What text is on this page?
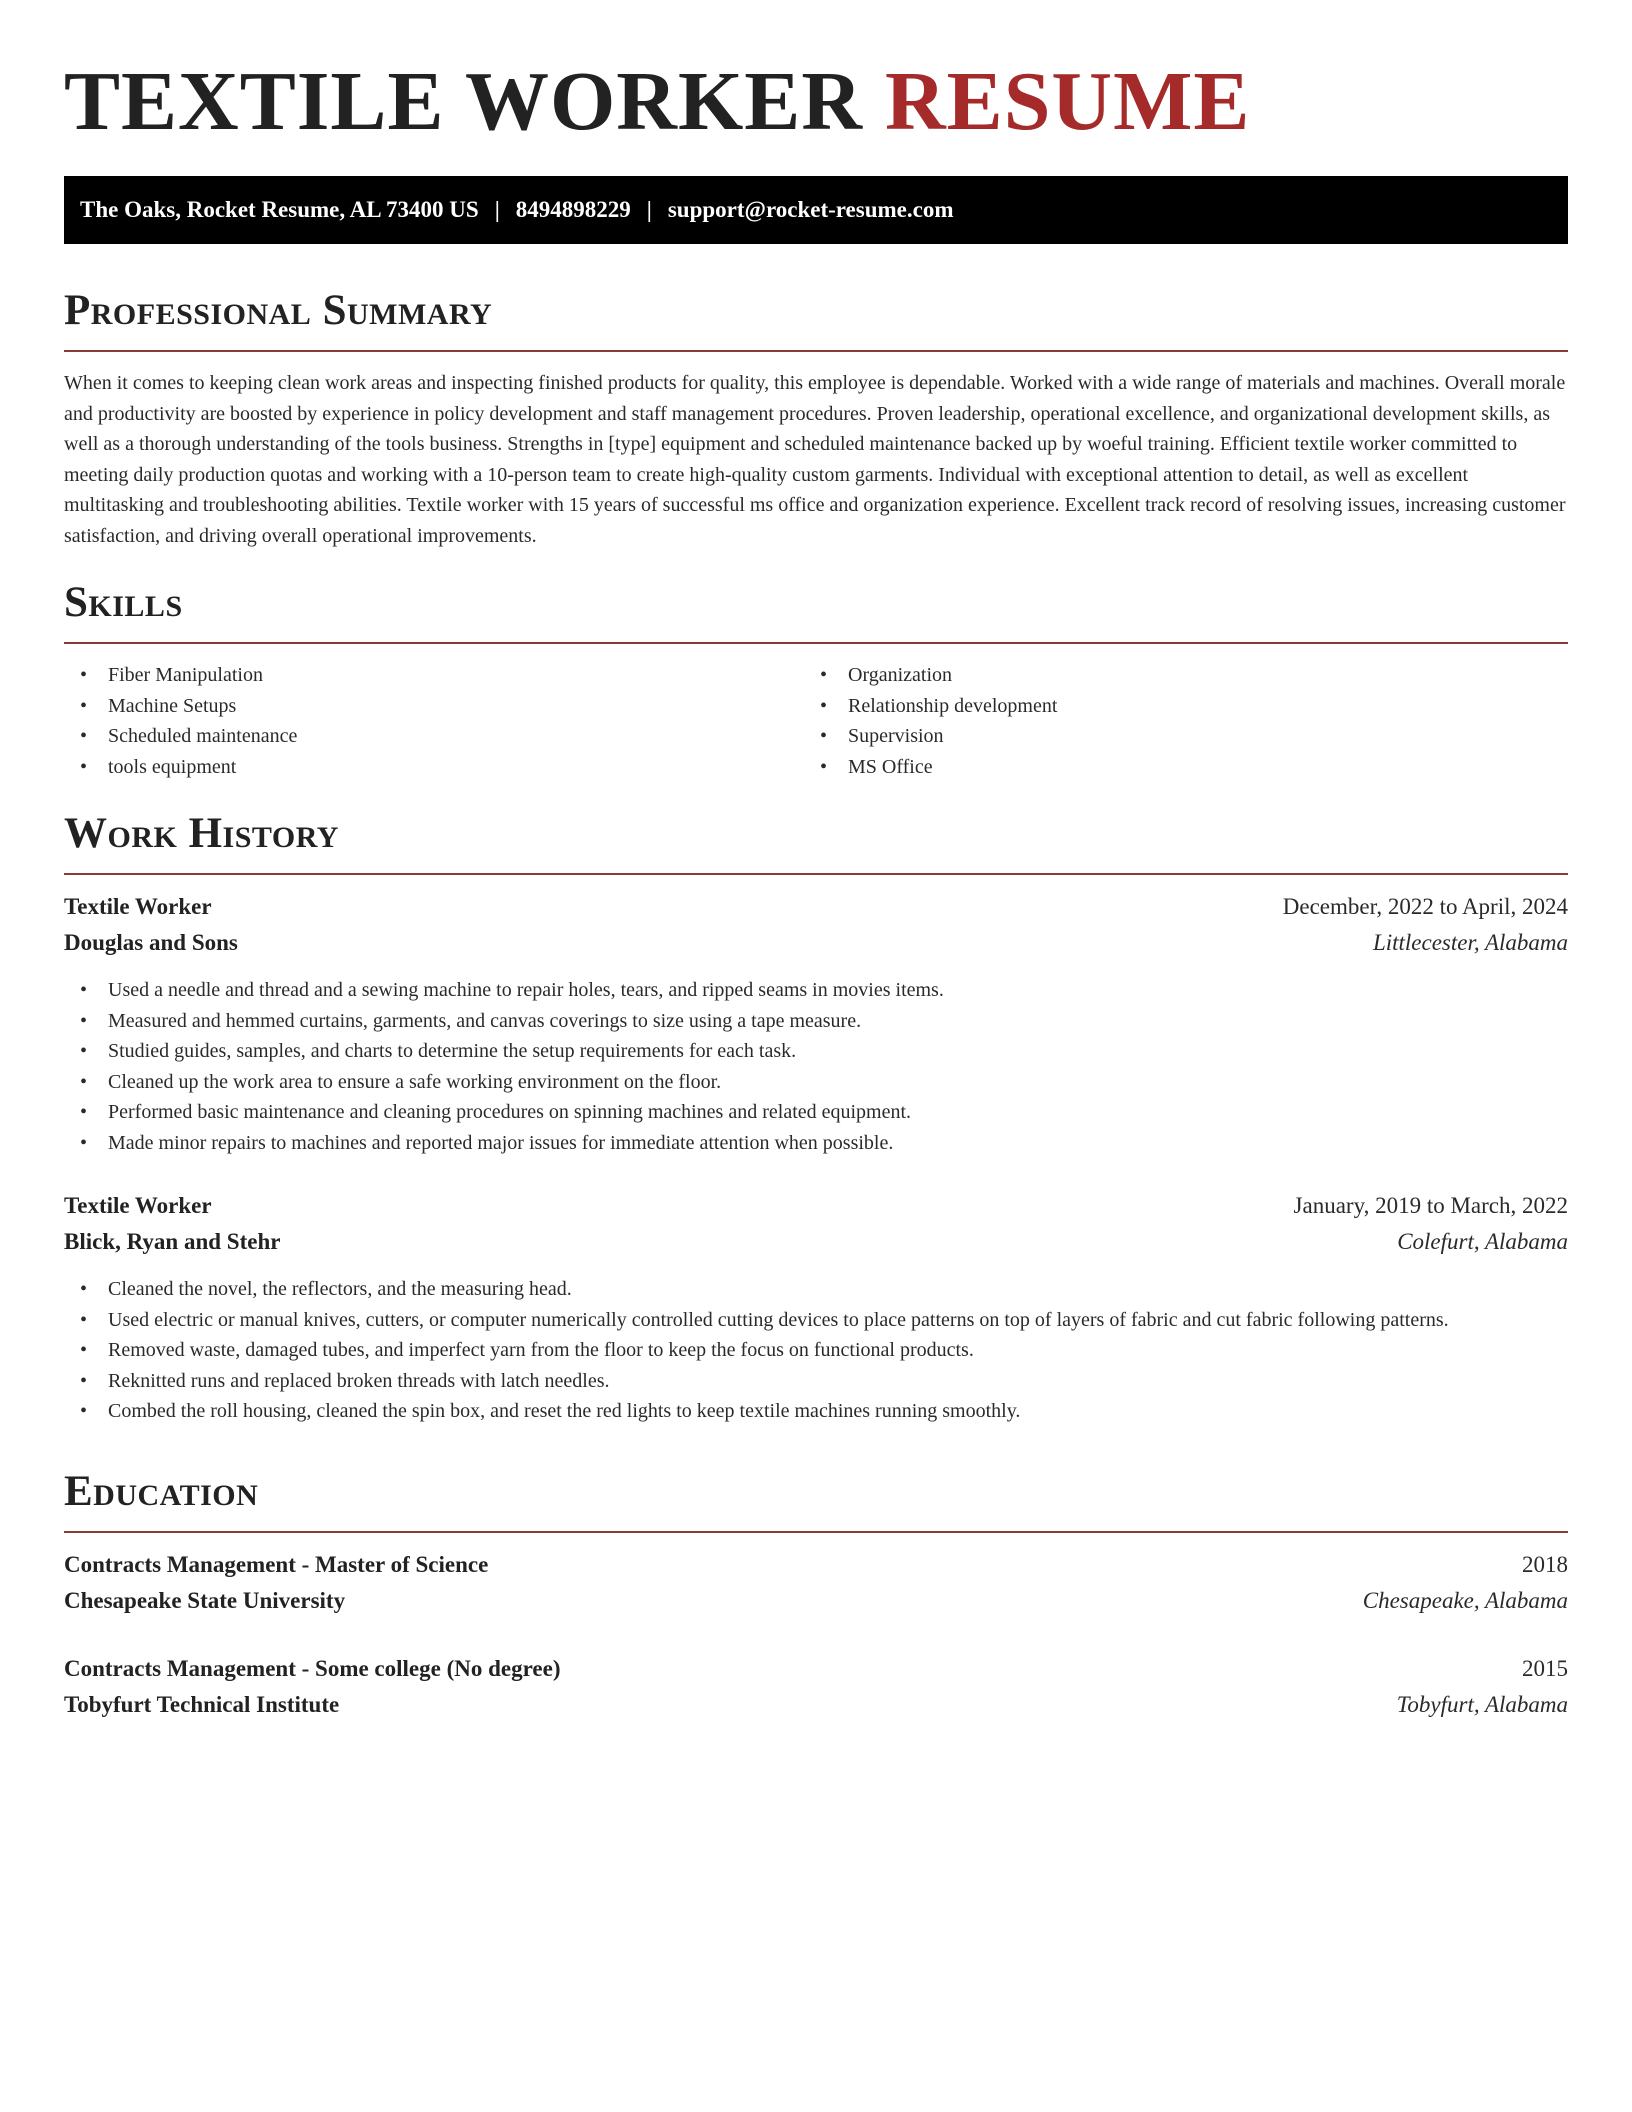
TEXTILE WORKER RESUME
The Oaks, Rocket Resume, AL 73400 US | 8494898229 | support@rocket-resume.com
Professional Summary

When it comes to keeping clean work areas and inspecting finished products for quality, this employee is dependable. Worked with a wide range of materials and machines. Overall morale and productivity are boosted by experience in policy development and staff management procedures. Proven leadership, operational excellence, and organizational development skills, as well as a thorough understanding of the tools business. Strengths in [type] equipment and scheduled maintenance backed up by woeful training. Efficient textile worker committed to meeting daily production quotas and working with a 10-person team to create high-quality custom garments. Individual with exceptional attention to detail, as well as excellent multitasking and troubleshooting abilities. Textile worker with 15 years of successful ms office and organization experience. Excellent track record of resolving issues, increasing customer satisfaction, and driving overall operational improvements.

Skills
• Fiber Manipulation
• Machine Setups
• Scheduled maintenance
• tools equipment
• Organization
• Relationship development
• Supervision
• MS Office
Work History
Textile Worker	December, 2022 to April, 2024
Douglas and Sons	Littlecester, Alabama
• Used a needle and thread and a sewing machine to repair holes, tears, and ripped seams in movies items.
• Measured and hemmed curtains, garments, and canvas coverings to size using a tape measure.
• Studied guides, samples, and charts to determine the setup requirements for each task.
• Cleaned up the work area to ensure a safe working environment on the floor.
• Performed basic maintenance and cleaning procedures on spinning machines and related equipment.
• Made minor repairs to machines and reported major issues for immediate attention when possible.
Textile Worker	January, 2019 to March, 2022
Blick, Ryan and Stehr	Colefurt, Alabama
• Cleaned the novel, the reflectors, and the measuring head.
• Used electric or manual knives, cutters, or computer numerically controlled cutting devices to place patterns on top of layers of fabric and cut fabric following patterns.
• Removed waste, damaged tubes, and imperfect yarn from the floor to keep the focus on functional products.
• Reknitted runs and replaced broken threads with latch needles.
• Combed the roll housing, cleaned the spin box, and reset the red lights to keep textile machines running smoothly.
Education
Contracts Management - Master of Science	2018
Chesapeake State University	Chesapeake, Alabama
Contracts Management - Some college (No degree)	2015
Tobyfurt Technical Institute	Tobyfurt, Alabama
